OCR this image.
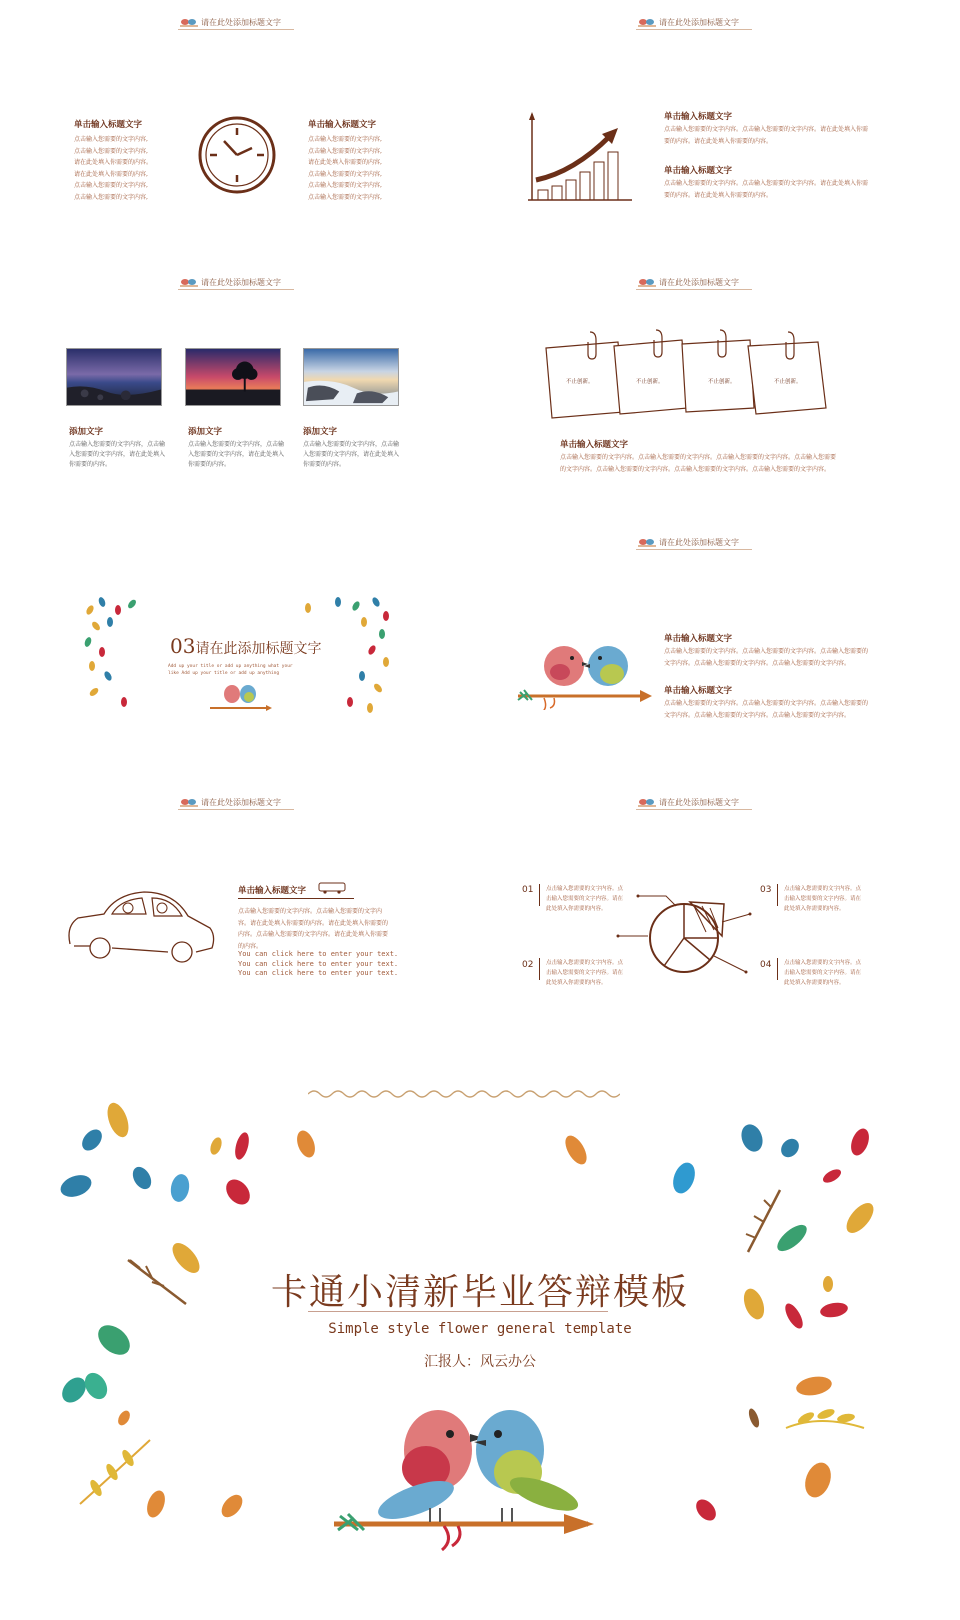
请在此处添加标题文字
单击输入标题文字
点击输入您需要的文字内容,
点击输入您需要的文字内容,
请在此处填入你需要的内容。
请在此处填入你需要的内容,
点击输入您需要的文字内容,
点击输入您需要的文字内容,
单击输入标题文字
点击输入您需要的文字内容,
点击输入您需要的文字内容,
请在此处填入你需要的内容,
点击输入您需要的文字内容,
点击输入您需要的文字内容,
点击输入您需要的文字内容,
请在此处添加标题文字
单击输入标题文字
点击输入您需要的文字内容。点击输入您需要的文字内容。请在此处填入你需要的内容。请在此处填入你需要的内容。
单击输入标题文字
点击输入您需要的文字内容。点击输入您需要的文字内容。请在此处填入你需要的内容。请在此处填入你需要的内容。
请在此处添加标题文字
添加文字
点击输入您需要的文字内容，点击输入您需要的文字内容，请在此处填入你需要的内容。
添加文字
点击输入您需要的文字内容，点击输入您需要的文字内容，请在此处填入你需要的内容。
添加文字
点击输入您需要的文字内容，点击输入您需要的文字内容，请在此处填入你需要的内容。
请在此处添加标题文字
不止创新。	不止创新。	不止创新。	不止创新。
单击输入标题文字
点击输入您需要的文字内容。点击输入您需要的文字内容。点击输入您需要的文字内容。点击输入您需要的文字内容。点击输入您需要的文字内容。点击输入您需要的文字内容。点击输入您需要的文字内容。
03请在此添加标题文字
Add up your title or add up anything what your
like Add up your title or add up anything
请在此处添加标题文字
单击输入标题文字
点击输入您需要的文字内容。点击输入您需要的文字内容。点击输入您需要的文字内容。点击输入您需要的文字内容。点击输入您需要的文字内容。
单击输入标题文字
点击输入您需要的文字内容。点击输入您需要的文字内容。点击输入您需要的文字内容。点击输入您需要的文字内容。点击输入您需要的文字内容。
请在此处添加标题文字
单击输入标题文字
点击输入您需要的文字内容。点击输入您需要的文字内容。请在此处填入你需要的内容。请在此处填入你需要的内容。点击输入您需要的文字内容。请在此处填入你需要的内容。
You can click here to enter your text.
You can click here to enter your text.
You can click here to enter your text.
请在此处添加标题文字
01 点击输入您需要的文字内容。点击输入您需要的文字内容。请在此处填入你需要的内容。
02 点击输入您需要的文字内容。点击输入您需要的文字内容。请在此处填入你需要的内容。
03 点击输入您需要的文字内容。点击输入您需要的文字内容。请在此处填入你需要的内容。
04 点击输入您需要的文字内容。点击输入您需要的文字内容。请在此处填入你需要的内容。
卡通小清新毕业答辩模板
Simple style flower general template
汇报人：风云办公
